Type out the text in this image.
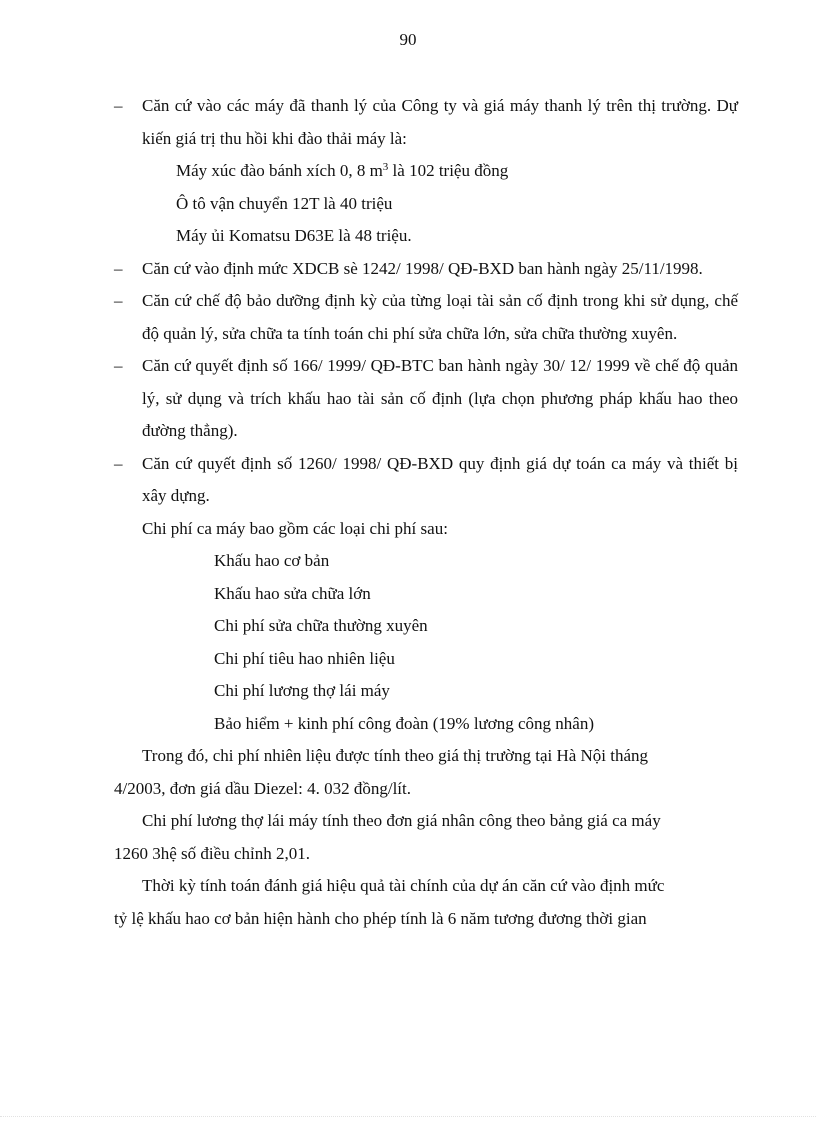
90
– Căn cứ vào các máy đã thanh lý của Công ty và giá máy thanh lý trên thị trường. Dự kiến giá trị thu hồi khi đào thải máy là:
Máy xúc đào bánh xích 0, 8 $m^3$ là 102 triệu đồng
Ô tô vận chuyển 12T là 40 triệu
Máy ủi Komatsu D63E là 48 triệu.
– Căn cứ vào định mức XDCB sè 1242/ 1998/ QĐ-BXD ban hành ngày 25/11/1998.
– Căn cứ chế độ bảo dưỡng định kỳ của từng loại tài sản cố định trong khi sử dụng, chế độ quản lý, sửa chữa ta tính toán chi phí sửa chữa lớn, sửa chữa thường xuyên.
– Căn cứ quyết định số 166/ 1999/ QĐ-BTC ban hành ngày 30/ 12/ 1999 về chế độ quản lý, sử dụng và trích khấu hao tài sản cố định (lựa chọn phương pháp khấu hao theo đường thẳng).
– Căn cứ quyết định số 1260/ 1998/ QĐ-BXD quy định giá dự toán ca máy và thiết bị xây dựng.
Chi phí ca máy bao gồm các loại chi phí sau:
Khấu hao cơ bản
Khấu hao sửa chữa lớn
Chi phí sửa chữa thường xuyên
Chi phí tiêu hao nhiên liệu
Chi phí lương thợ lái máy
Bảo hiểm + kinh phí công đoàn (19% lương công nhân)
Trong đó, chi phí nhiên liệu được tính theo giá thị trường tại Hà Nội tháng
4/2003, đơn giá dầu Diezel: 4. 032 đồng/lít.
Chi phí lương thợ lái máy tính theo đơn giá nhân công theo bảng giá ca máy
1260 3hệ số điều chỉnh 2,01.
Thời kỳ tính toán đánh giá hiệu quả tài chính của dự án căn cứ vào định mức
tỷ lệ khấu hao cơ bản hiện hành cho phép tính là 6 năm tương đương thời gian
